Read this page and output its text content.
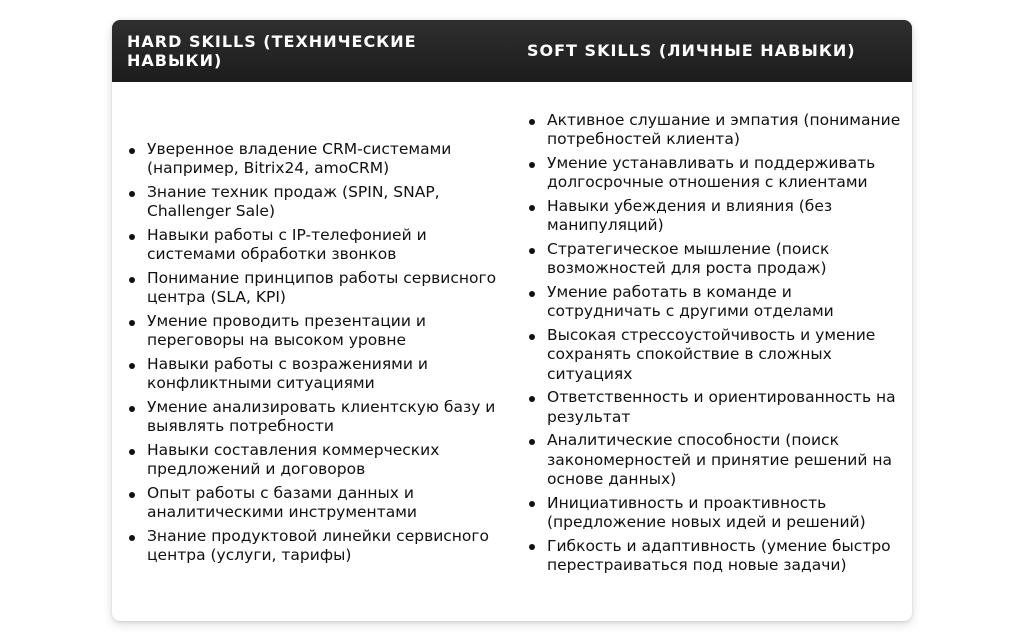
HARD SKILLS (ТЕХНИЧЕСКИЕ НАВЫКИ)
SOFT SKILLS (ЛИЧНЫЕ НАВЫКИ)
Уверенное владение CRM-системами (например, Bitrix24, amoCRM)
Знание техник продаж (SPIN, SNAP, Challenger Sale)
Навыки работы с IP-телефонией и системами обработки звонков
Понимание принципов работы сервисного центра (SLA, KPI)
Умение проводить презентации и переговоры на высоком уровне
Навыки работы с возражениями и конфликтными ситуациями
Умение анализировать клиентскую базу и выявлять потребности
Навыки составления коммерческих предложений и договоров
Опыт работы с базами данных и аналитическими инструментами
Знание продуктовой линейки сервисного центра (услуги, тарифы)
Активное слушание и эмпатия (понимание потребностей клиента)
Умение устанавливать и поддерживать долгосрочные отношения с клиентами
Навыки убеждения и влияния (без манипуляций)
Стратегическое мышление (поиск возможностей для роста продаж)
Умение работать в команде и сотрудничать с другими отделами
Высокая стрессоустойчивость и умение сохранять спокойствие в сложных ситуациях
Ответственность и ориентированность на результат
Аналитические способности (поиск закономерностей и принятие решений на основе данных)
Инициативность и проактивность (предложение новых идей и решений)
Гибкость и адаптивность (умение быстро перестраиваться под новые задачи)
